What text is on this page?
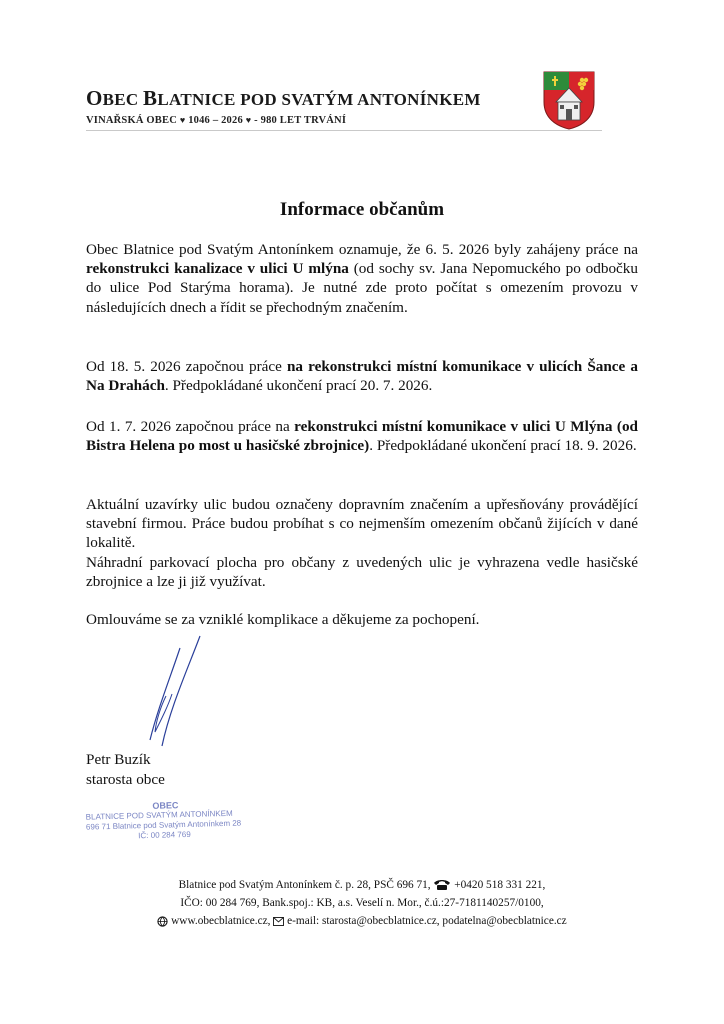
OBEC BLATNICE POD SVATÝM ANTONÍNKEM
VINAŘSKÁ OBEC ♥ 1046 – 2026 ♥ - 980 LET TRVÁNÍ
Informace občanům
Obec Blatnice pod Svatým Antonínkem oznamuje, že 6. 5. 2026 byly zahájeny práce na rekonstrukci kanalizace v ulici U mlýna (od sochy sv. Jana Nepomuckého po odbočku do ulice Pod Starýma horama). Je nutné zde proto počítat s omezením provozu v následujících dnech a řídit se přechodným značením.
Od 18. 5. 2026 započnou práce na rekonstrukci místní komunikace v ulicích Šance a Na Drahách. Předpokládané ukončení prací 20. 7. 2026.
Od 1. 7. 2026 započnou práce na rekonstrukci místní komunikace v ulici U Mlýna (od Bistra Helena po most u hasičské zbrojnice). Předpokládané ukončení prací 18. 9. 2026.
Aktuální uzavírky ulic budou označeny dopravním značením a upřesňovány provádějící stavební firmou. Práce budou probíhat s co nejmenším omezením občanů žijících v dané lokalitě.
Náhradní parkovací plocha pro občany z uvedených ulic je vyhrazena vedle hasičské zbrojnice a lze ji již využívat.
Omlouváme se za vzniklé komplikace a děkujeme za pochopení.
Petr Buzík
starosta obce
OBEC
BLATNICE POD SVATÝM ANTONÍNKEM
696 71 Blatnice pod Svatým Antonínkem 28
IČ: 00 284 769
Blatnice pod Svatým Antonínkem č. p. 28, PSČ 696 71, +0420 518 331 221,
IČO: 00 284 769, Bank.spoj.: KB, a.s. Veselí n. Mor., č.ú.:27-7181140257/0100,
www.obecblatnice.cz, e-mail: starosta@obecblatnice.cz, podatelna@obecblatnice.cz
